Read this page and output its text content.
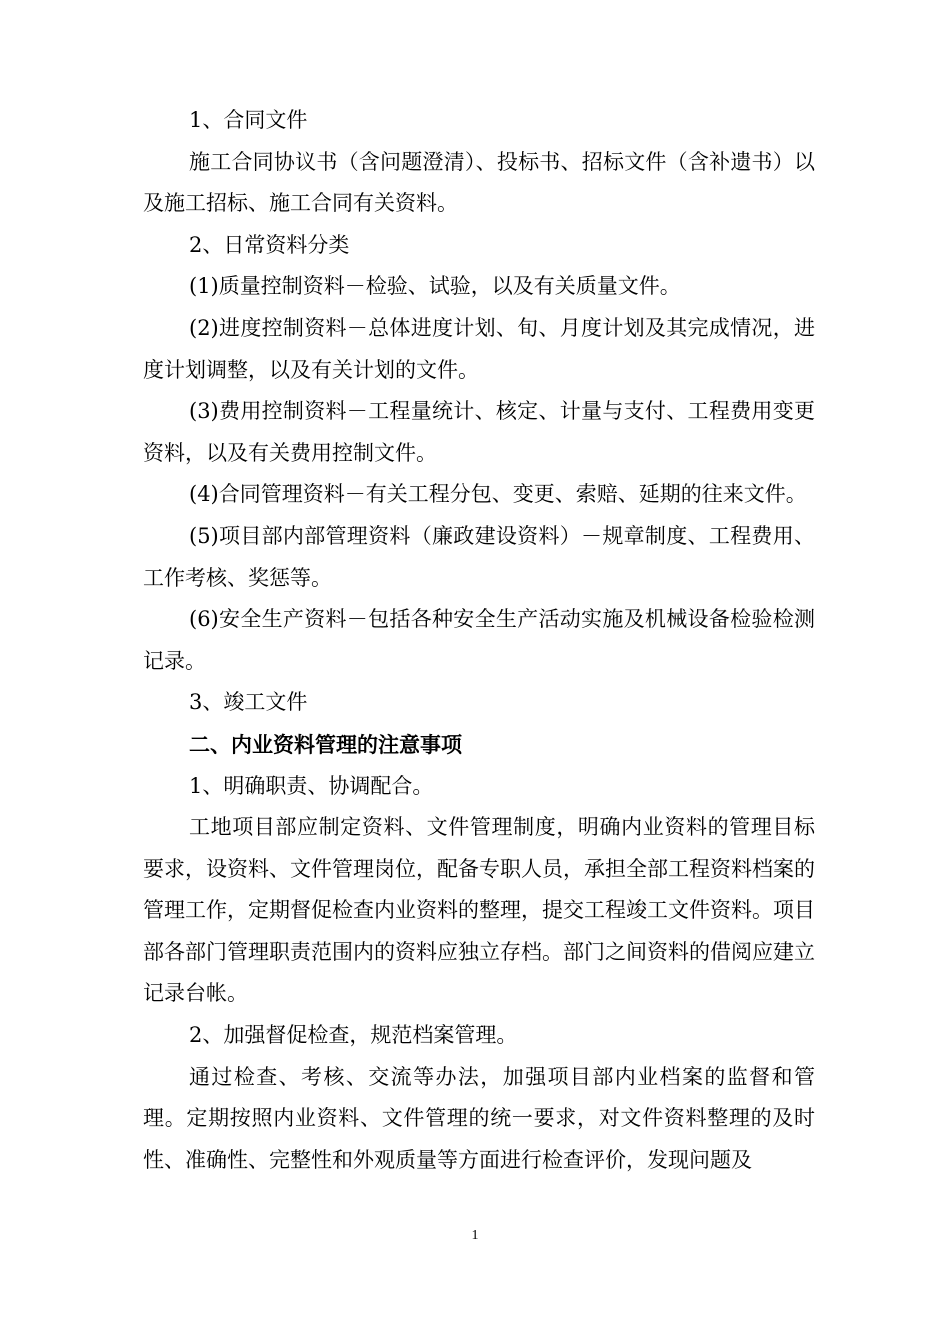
1、合同文件

施工合同协议书（含问题澄清）、投标书、招标文件（含补遗书）以及施工招标、施工合同有关资料。

2、日常资料分类

(1)质量控制资料－检验、试验，以及有关质量文件。

(2)进度控制资料－总体进度计划、旬、月度计划及其完成情况，进度计划调整，以及有关计划的文件。

(3)费用控制资料－工程量统计、核定、计量与支付、工程费用变更资料，以及有关费用控制文件。

(4)合同管理资料－有关工程分包、变更、索赔、延期的往来文件。

(5)项目部内部管理资料（廉政建设资料）－规章制度、工程费用、工作考核、奖惩等。

(6)安全生产资料－包括各种安全生产活动实施及机械设备检验检测记录。

3、竣工文件

二、内业资料管理的注意事项

1、明确职责、协调配合。

工地项目部应制定资料、文件管理制度，明确内业资料的管理目标要求，设资料、文件管理岗位，配备专职人员，承担全部工程资料档案的管理工作，定期督促检查内业资料的整理，提交工程竣工文件资料。项目部各部门管理职责范围内的资料应独立存档。部门之间资料的借阅应建立记录台帐。

2、加强督促检查，规范档案管理。

通过检查、考核、交流等办法，加强项目部内业档案的监督和管理。定期按照内业资料、文件管理的统一要求，对文件资料整理的及时性、准确性、完整性和外观质量等方面进行检查评价，发现问题及

1
